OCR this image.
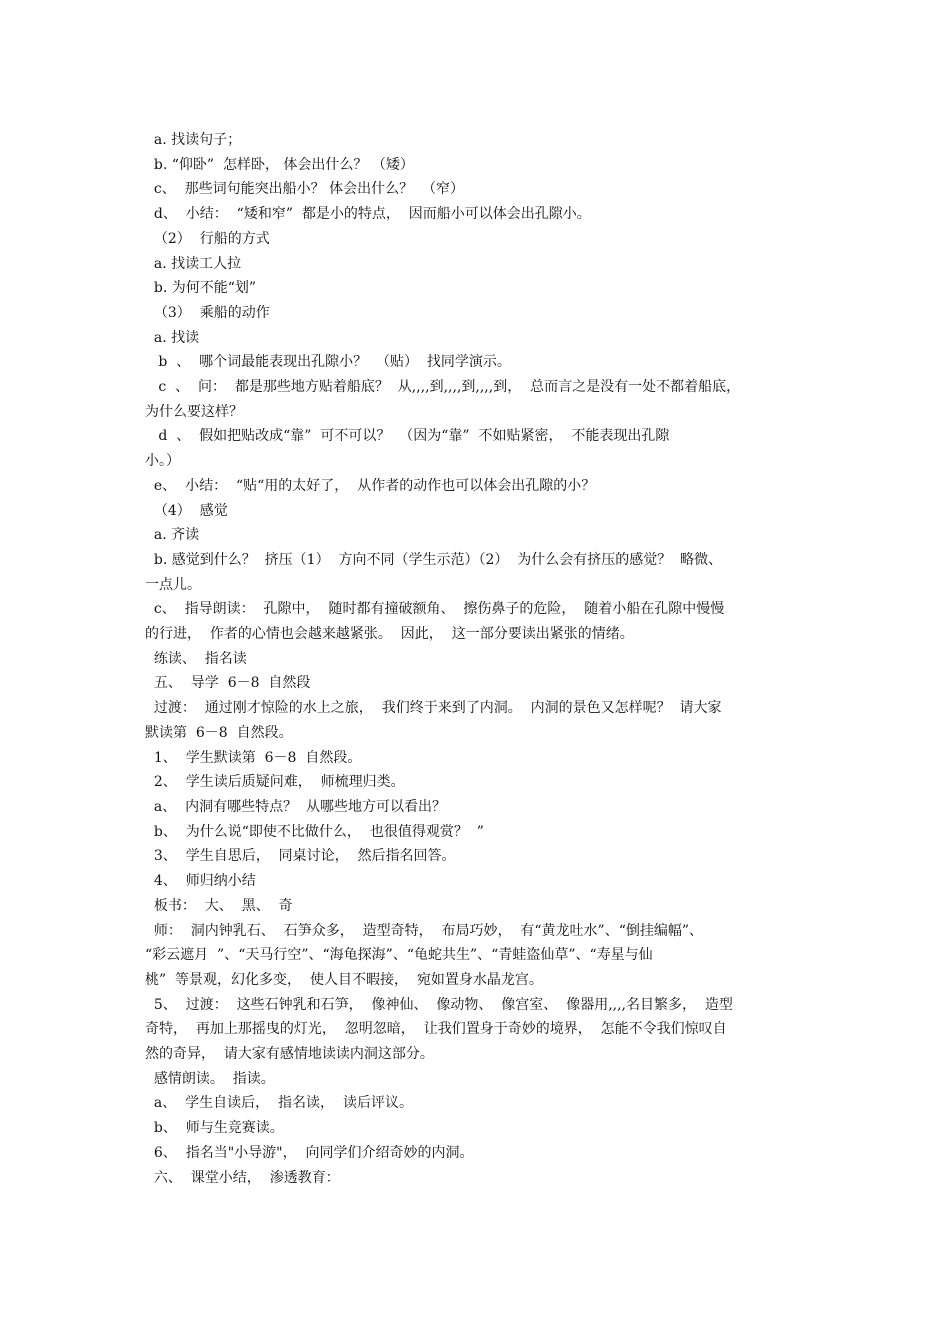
a. 找读句子；

b. “仰卧”  怎样卧， 体会出什么？ （矮）

c、  那些词句能突出船小？ 体会出什么？  （窄）

d、  小结：  “矮和窄”  都是小的特点，  因而船小可以体会出孔隙小。

（2）  行船的方式

a. 找读工人拉

b. 为何不能“划”

（3）  乘船的动作

a. 找读

b  、  哪个词最能表现出孔隙小？  （贴）  找同学演示。

c  、  问：  都是那些地方贴着船底？  从,,,,到,,,,到,,,,到，  总而言之是没有一处不都着船底，

为什么要这样？

d  、  假如把贴改成“靠”  可不可以？  （因为“靠”  不如贴紧密，  不能表现出孔隙

小。）

e、  小结：  “贴“用的太好了，  从作者的动作也可以体会出孔隙的小？

（4）  感觉

a. 齐读

b. 感觉到什么？  挤压（1）  方向不同（学生示范）（2）  为什么会有挤压的感觉？  略微、

一点儿。

c、  指导朗读：  孔隙中，  随时都有撞破额角、  擦伤鼻子的危险，  随着小船在孔隙中慢慢

的行进，  作者的心情也会越来越紧张。  因此，  这一部分要读出紧张的情绪。

练读、  指名读

五、  导学  6－8  自然段

过渡：  通过刚才惊险的水上之旅，  我们终于来到了内洞。  内洞的景色又怎样呢？  请大家

默读第  6－8  自然段。

1、  学生默读第  6－8  自然段。

2、  学生读后质疑问难，  师梳理归类。

a、  内洞有哪些特点？  从哪些地方可以看出？

b、  为什么说“即使不比做什么，  也很值得观赏？  ”

3、  学生自思后，  同桌讨论，  然后指名回答。

4、  师归纳小结

板书：  大、  黑、  奇

师：  洞内钟乳石、  石笋众多，  造型奇特，  布局巧妙，  有“黄龙吐水”、“倒挂编幅”、

“彩云遮月  ”、“天马行空”、“海龟探海”、“龟蛇共生”、“青蛙盗仙草”、“寿星与仙

桃”  等景观，幻化多变，  使人目不暇接，  宛如置身水晶龙宫。

5、  过渡：  这些石钟乳和石笋，  像神仙、  像动物、  像宫室、  像器用,,,,名目繁多，  造型

奇特，  再加上那摇曳的灯光，  忽明忽暗，  让我们置身于奇妙的境界，  怎能不令我们惊叹自

然的奇异，  请大家有感情地读读内洞这部分。

感情朗读。  指读。

a、  学生自读后，  指名读，  读后评议。

b、  师与生竞赛读。

6、  指名当"小导游"，  向同学们介绍奇妙的内洞。

六、  课堂小结，  渗透教育：
